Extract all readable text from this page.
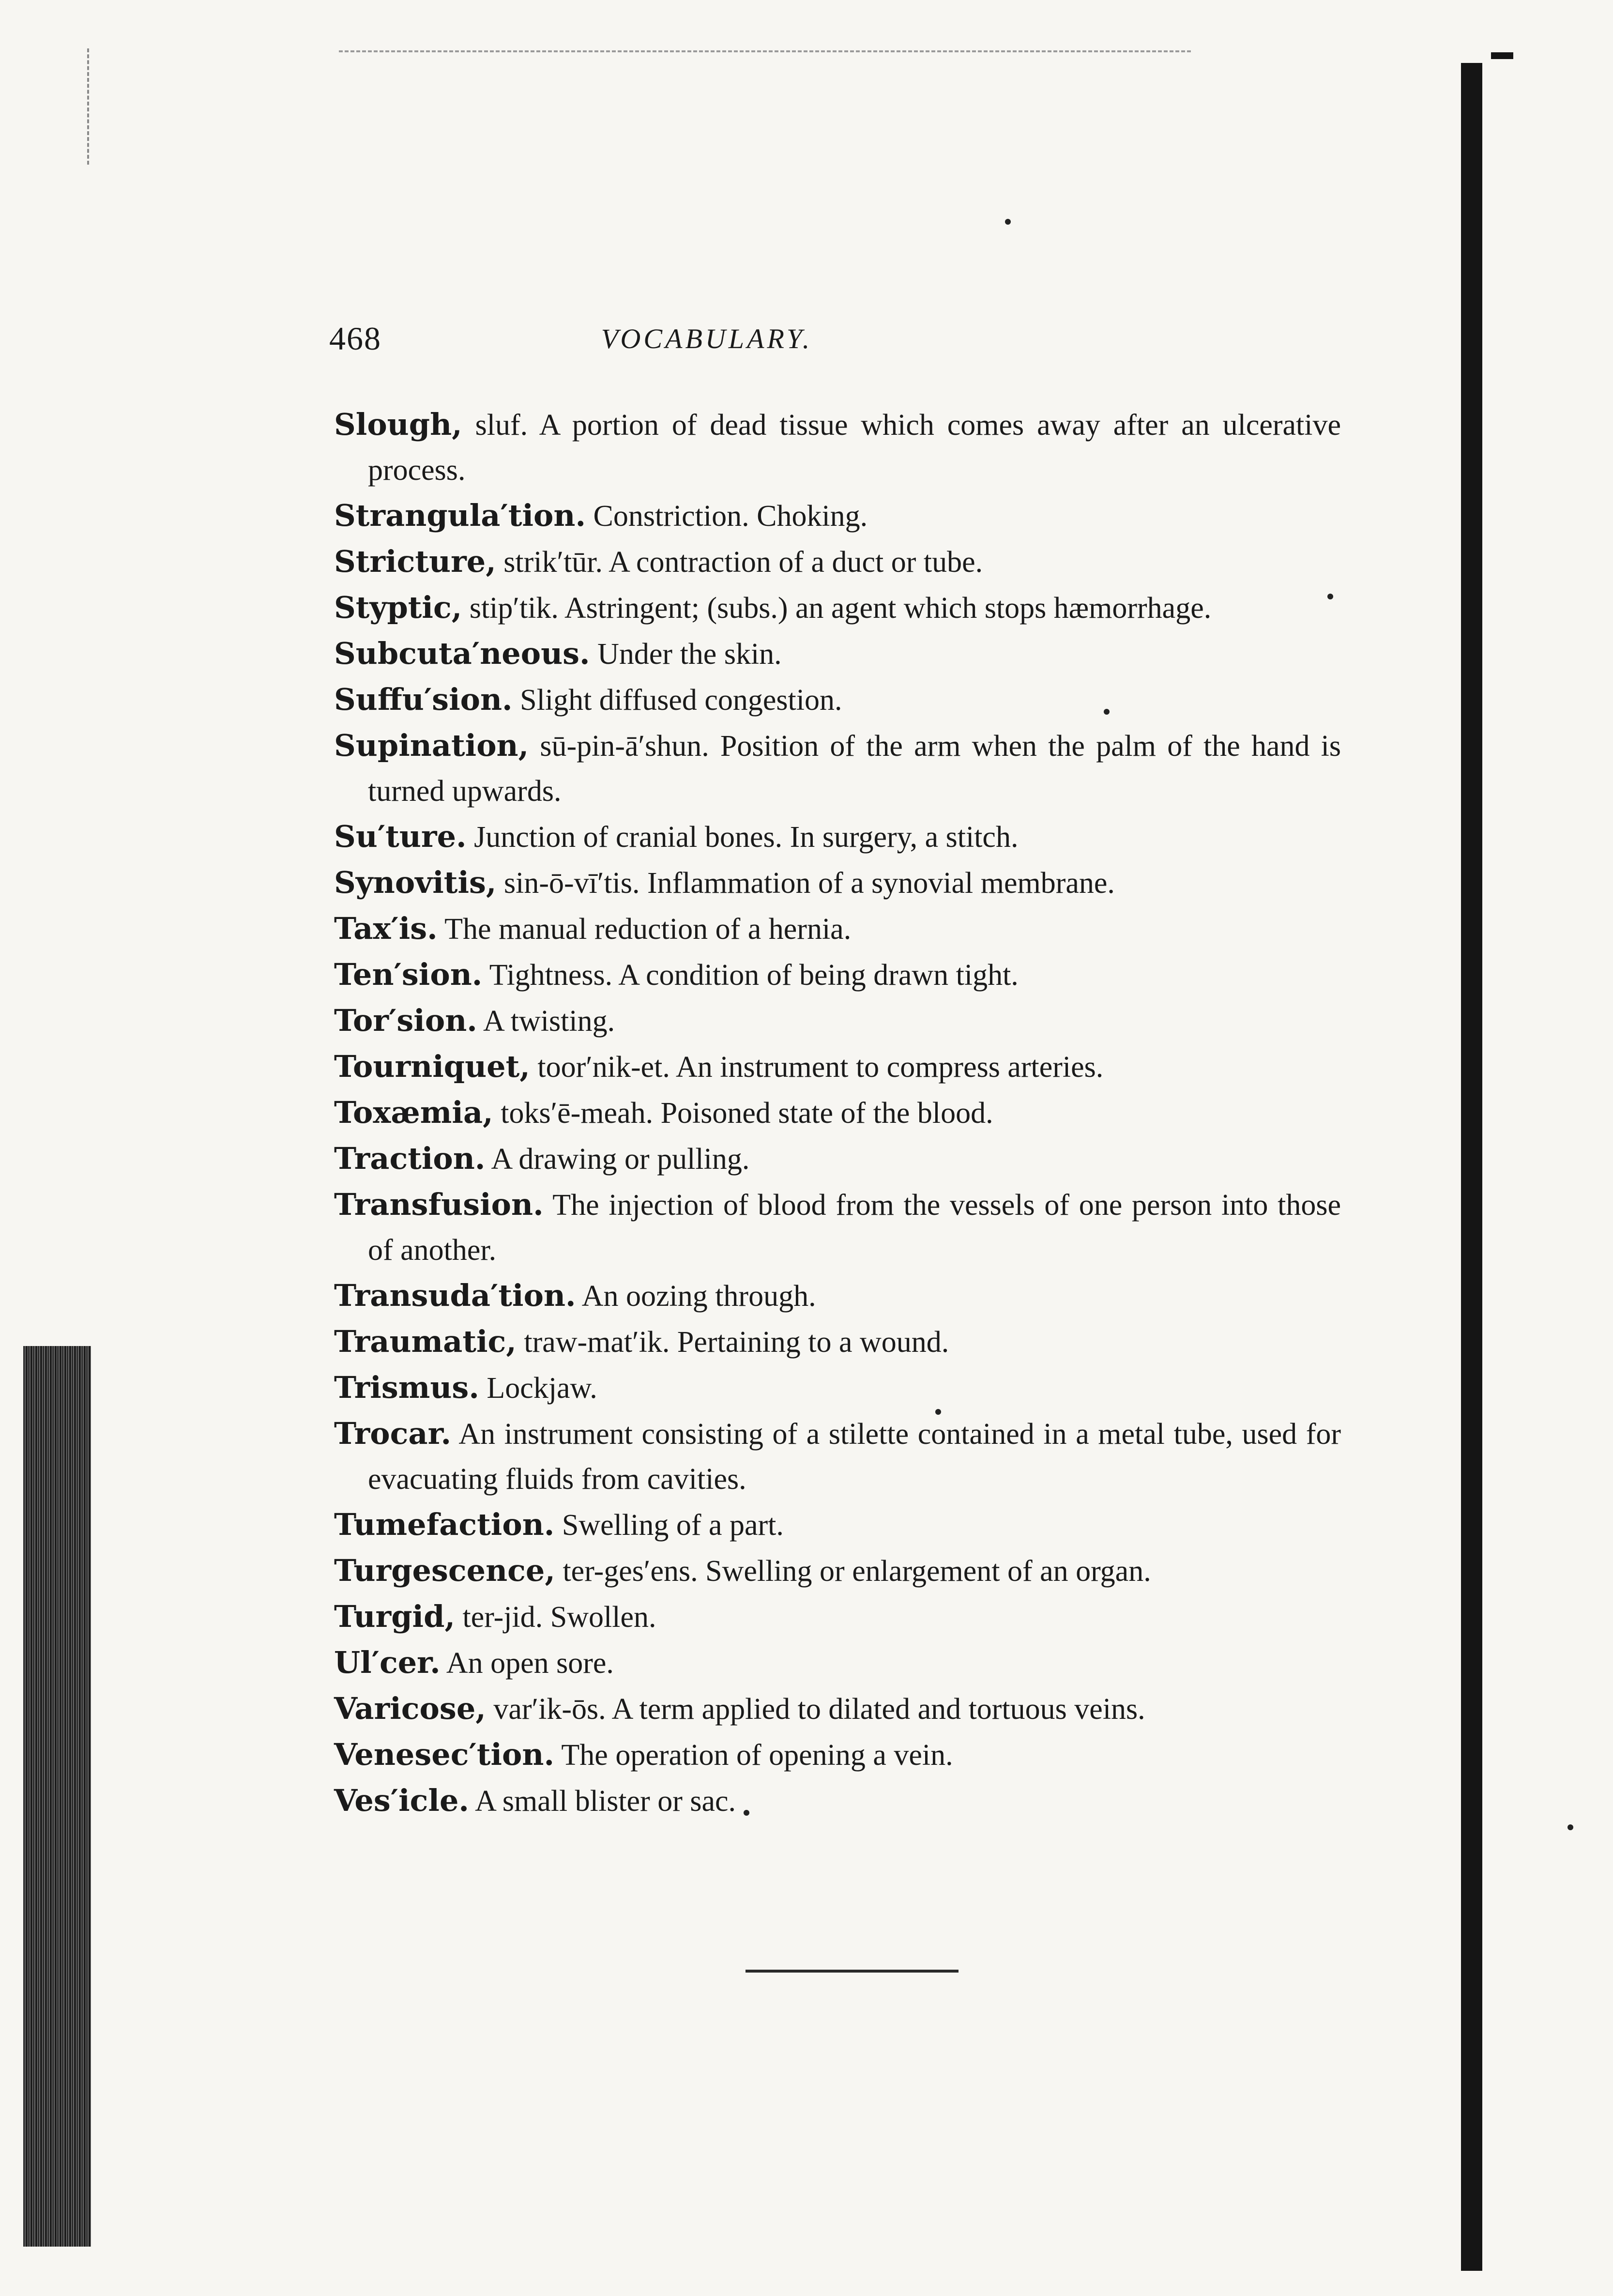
468	VOCABULARY.

Slough, sluf. A portion of dead tissue which comes away after an ulcerative process.

Strangula′tion. Constriction. Choking.

Stricture, strik′tūr. A contraction of a duct or tube.

Styptic, stip′tik. Astringent; (subs.) an agent which stops hæmorrhage.

Subcuta′neous. Under the skin.

Suffu′sion. Slight diffused congestion.

Supination, sū-pin-ā′shun. Position of the arm when the palm of the hand is turned upwards.

Su′ture. Junction of cranial bones. In surgery, a stitch.

Synovitis, sin-ō-vī′tis. Inflammation of a synovial membrane.

Tax′is. The manual reduction of a hernia.

Ten′sion. Tightness. A condition of being drawn tight.

Tor′sion. A twisting.

Tourniquet, toor′nik-et. An instrument to compress arteries.

Toxæmia, toks′ē-meah. Poisoned state of the blood.

Traction. A drawing or pulling.

Transfusion. The injection of blood from the vessels of one person into those of another.

Transuda′tion. An oozing through.

Traumatic, traw-mat′ik. Pertaining to a wound.

Trismus. Lockjaw.

Trocar. An instrument consisting of a stilette contained in a metal tube, used for evacuating fluids from cavities.

Tumefaction. Swelling of a part.

Turgescence, ter-ges′ens. Swelling or enlargement of an organ.

Turgid, ter-jid. Swollen.

Ul′cer. An open sore.

Varicose, var′ik-ōs. A term applied to dilated and tortuous veins.

Venesec′tion. The operation of opening a vein.

Ves′icle. A small blister or sac.
